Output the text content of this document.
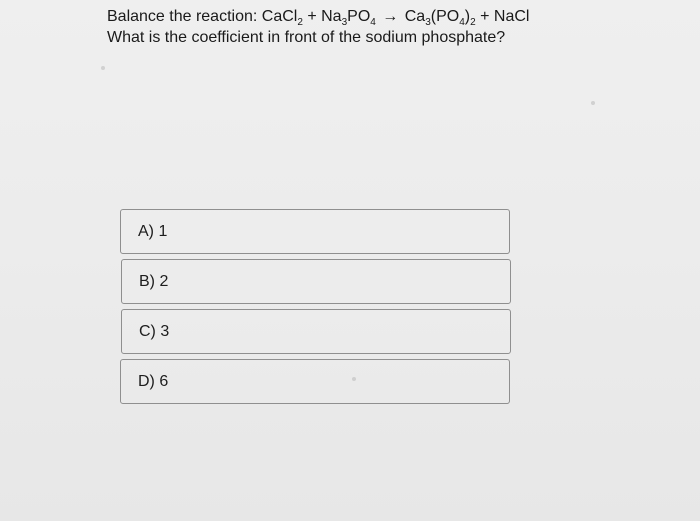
Balance the reaction: CaCl$_2$ + $Na_3PO_4 \to Ca_3(PO_4)_2$ + NaCl
What is the coefficient in front of the sodium phosphate?
A) 1
B) 2
C) 3
D) 6
